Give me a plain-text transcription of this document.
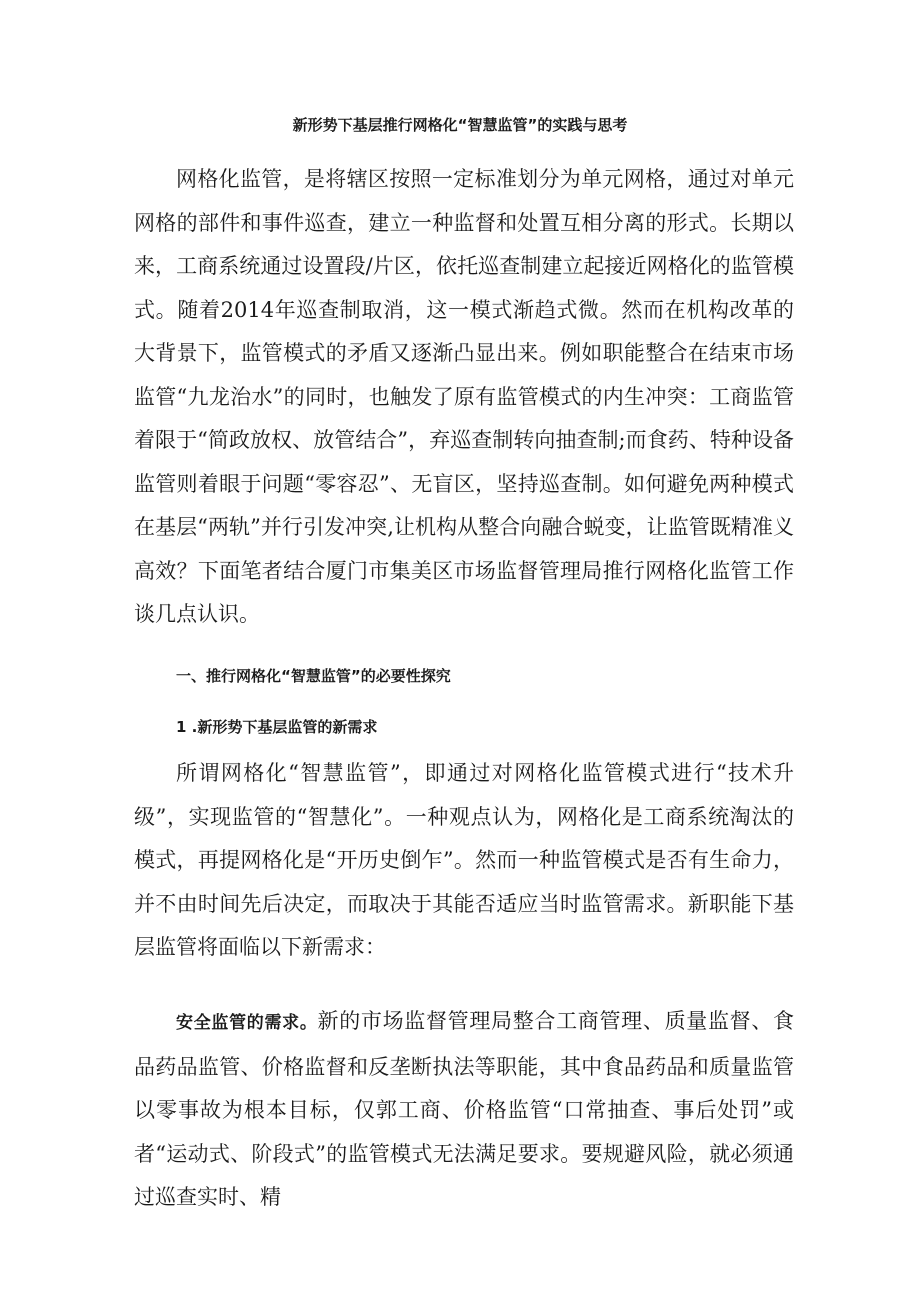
新形势下基层推行网格化“智慧监管”的实践与思考

网格化监管，是将辖区按照一定标准划分为单元网格，通过对单元网格的部件和事件巡查，建立一种监督和处置互相分离的形式。长期以来，工商系统通过设置段/片区，依托巡查制建立起接近网格化的监管模式。随着2014年巡查制取消，这一模式渐趋式微。然而在机构改革的大背景下，监管模式的矛盾又逐渐凸显出来。例如职能整合在结束市场监管“九龙治水”的同时，也触发了原有监管模式的内生冲突：工商监管着限于“简政放权、放管结合”，弃巡查制转向抽查制;而食药、特种设备监管则着眼于问题“零容忍”、无盲区，坚持巡查制。如何避免两种模式在基层“两轨”并行引发冲突,让机构从整合向融合蜕变，让监管既精准义高效？下面笔者结合厦门市集美区市场监督管理局推行网格化监管工作谈几点认识。

一、推行网格化“智慧监管”的必要性探究

1 .新形势下基层监管的新需求

所谓网格化“智慧监管”，即通过对网格化监管模式进行“技术升级”，实现监管的“智慧化”。一种观点认为，网格化是工商系统淘汰的模式，再提网格化是“开历史倒乍”。然而一种监管模式是否有生命力，并不由时间先后决定，而取决于其能否适应当时监管需求。新职能下基层监管将面临以下新需求：

安全监管的需求。新的市场监督管理局整合工商管理、质量监督、食品药品监管、价格监督和反垄断执法等职能，其中食品药品和质量监管以零事故为根本目标，仅郭工商、价格监管“口常抽查、事后处罚”或者“运动式、阶段式”的监管模式无法满足要求。要规避风险，就必须通过巡查实时、精
